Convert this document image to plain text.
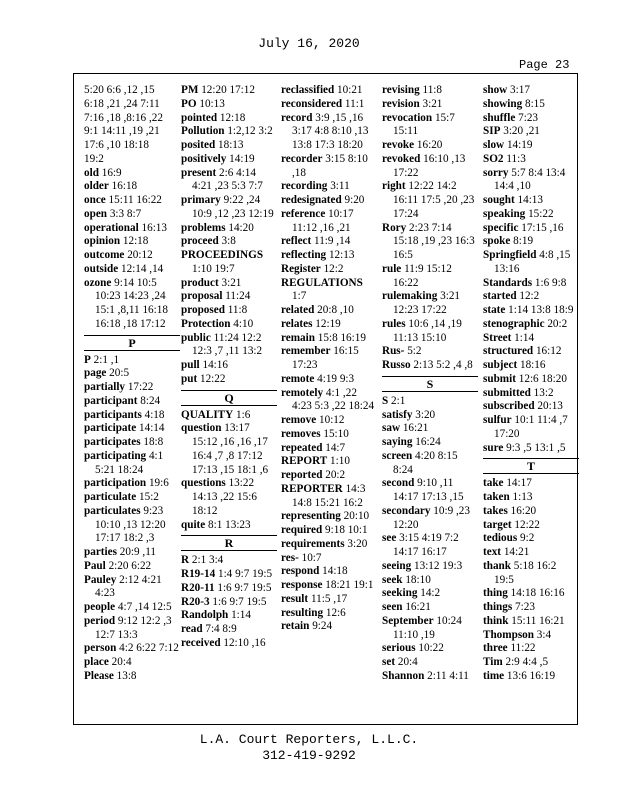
July 16, 2020
Page 23
5:20 6:6 ,12 ,15
6:18 ,21 ,24 7:11
7:16 ,18 ,8:16 ,22
9:1 14:11 ,19 ,21
17:6 ,10 18:18
19:2
old 16:9
older 16:18
once 15:11 16:22
open 3:3 8:7
operational 16:13
opinion 12:18
outcome 20:12
outside 12:14 ,14
ozone 9:14 10:5 10:23 14:23 ,24 15:1 ,8,11 16:18 16:18 ,18 17:12
P
P 2:1 ,1
page 20:5
partially 17:22
participant 8:24
participants 4:18
participate 14:14
participates 18:8
participating 4:1 5:21 18:24
participation 19:6
particulate 15:2
particulates 9:23 10:10 ,13 12:20 17:17 18:2 ,3
parties 20:9 ,11
Paul 2:20 6:22
Pauley 2:12 4:21 4:23
people 4:7 ,14 12:5
period 9:12 12:2 ,3 12:7 13:3
person 4:2 6:22 7:12
place 20:4
Please 13:8
PM 12:20 17:12
PO 10:13
pointed 12:18
Pollution 1:2,12 3:2
posited 18:13
positively 14:19
present 2:6 4:14 4:21 ,23 5:3 7:7
primary 9:22 ,24 10:9 ,12 ,23 12:19
problems 14:20
proceed 3:8
PROCEEDINGS 1:10 19:7
product 3:21
proposal 11:24
proposed 11:8
Protection 4:10
public 11:24 12:2 12:3 ,7 ,11 13:2
pull 14:16
put 12:22
Q
QUALITY 1:6
question 13:17 15:12 ,16 ,16 ,17 16:4 ,7 ,8 17:12 17:13 ,15 18:1 ,6
questions 13:22 14:13 ,22 15:6 18:12
quite 8:1 13:23
R
R 2:1 3:4
R19-14 1:4 9:7 19:5
R20-11 1:6 9:7 19:5
R20-3 1:6 9:7 19:5
Randolph 1:14
read 7:4 8:9
received 12:10 ,16
reclassified 10:21
reconsidered 11:1
record 3:9 ,15 ,16 3:17 4:8 8:10 ,13 13:8 17:3 18:20
recorder 3:15 8:10 ,18
recording 3:11
redesignated 9:20
reference 10:17 11:12 ,16 ,21
reflect 11:9 ,14
reflecting 12:13
Register 12:2
REGULATIONS 1:7
related 20:8 ,10
relates 12:19
remain 15:8 16:19
remember 16:15 17:23
remote 4:19 9:3
remotely 4:1 ,22 4:23 5:3 ,22 18:24
remove 10:12
removes 15:10
repeated 14:7
REPORT 1:10
reported 20:2
REPORTER 14:3 14:8 15:21 16:2
representing 20:10
required 9:18 10:1
requirements 3:20
res- 10:7
respond 14:18
response 18:21 19:1
result 11:5 ,17
resulting 12:6
retain 9:24
revising 11:8
revision 3:21
revocation 15:7 15:11
revoke 16:20
revoked 16:10 ,13 17:22
right 12:22 14:2 16:11 17:5 ,20 ,23 17:24
Rory 2:23 7:14 15:18 ,19 ,23 16:3 16:5
rule 11:9 15:12 16:22
rulemaking 3:21 12:23 17:22
rules 10:6 ,14 ,19 11:13 15:10
Rus- 5:2
Russo 2:13 5:2 ,4 ,8
S
S 2:1
satisfy 3:20
saw 16:21
saying 16:24
screen 4:20 8:15 8:24
second 9:10 ,11 14:17 17:13 ,15
secondary 10:9 ,23 12:20
see 3:15 4:19 7:2 14:17 16:17
seeing 13:12 19:3
seek 18:10
seeking 14:2
seen 16:21
September 10:24 11:10 ,19
serious 10:22
set 20:4
Shannon 2:11 4:11
show 3:17
showing 8:15
shuffle 7:23
SIP 3:20 ,21
slow 14:19
SO2 11:3
sorry 5:7 8:4 13:4 14:4 ,10
sought 14:13
speaking 15:22
specific 17:15 ,16
spoke 8:19
Springfield 4:8 ,15 13:16
Standards 1:6 9:8
started 12:2
state 1:14 13:8 18:9
stenographic 20:2
Street 1:14
structured 16:12
subject 18:16
submit 12:6 18:20
submitted 13:2
subscribed 20:13
sulfur 10:1 11:4 ,7 17:20
sure 9:3 ,5 13:1 ,5
T
take 14:17
taken 1:13
takes 16:20
target 12:22
tedious 9:2
text 14:21
thank 5:18 16:2 19:5
thing 14:18 16:16
things 7:23
think 15:11 16:21
Thompson 3:4
three 11:22
Tim 2:9 4:4 ,5
time 13:6 16:19
L.A. Court Reporters, L.L.C.
312-419-9292
